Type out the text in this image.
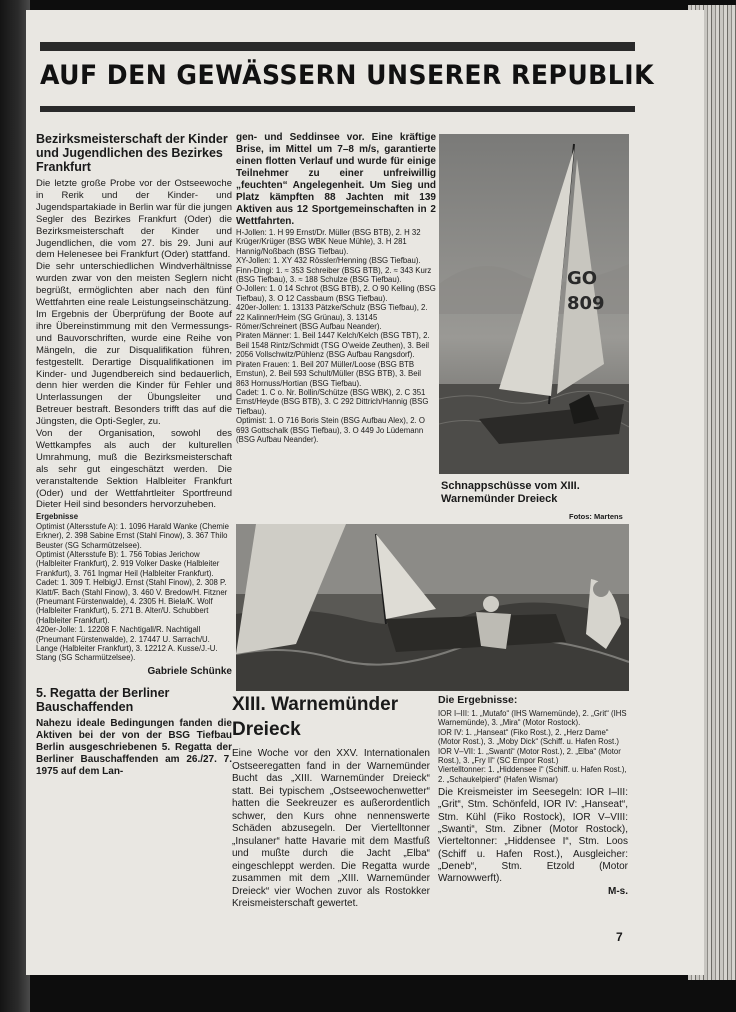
AUF DEN GEWÄSSERN UNSERER REPUBLIK
Bezirksmeisterschaft der Kinder und Jugendlichen des Bezirkes Frankfurt

Die letzte große Probe vor der Ostseewoche in Rerik und der Kinder- und Jugendspartakiade in Berlin war für die jungen Segler des Bezirkes Frankfurt (Oder) die Bezirksmeisterschaft der Kinder und Jugendlichen, die vom 27. bis 29. Juni auf dem Helenesee bei Frankfurt (Oder) stattfand.

Die sehr unterschiedlichen Windverhältnisse wurden zwar von den meisten Seglern nicht begrüßt, ermöglichten aber nach den fünf Wettfahrten eine reale Leistungseinschätzung.

Im Ergebnis der Überprüfung der Boote auf ihre Übereinstimmung mit den Vermessungs- und Bauvorschriften, wurde eine Reihe von Mängeln, die zur Disqualifikation führen, festgestellt. Derartige Disqualifikationen im Kinder- und Jugendbereich sind bedauerlich, denn hier werden die Kinder für Fehler und Unterlassungen der Übungsleiter und Betreuer bestraft. Besonders trifft das auf die Jüngsten, die Opti-Segler, zu.

Von der Organisation, sowohl des Wettkampfes als auch der kulturellen Umrahmung, muß die Bezirksmeisterschaft als sehr gut eingeschätzt werden. Die veranstaltende Sektion Halbleiter Frankfurt (Oder) und der Wettfahrtleiter Sportfreund Dieter Heil sind besonders hervorzuheben.

Ergebnisse

Optimist (Altersstufe A): 1. 1096 Harald Wanke (Chemie Erkner), 2. 398 Sabine Ernst (Stahl Finow), 3. 367 Thilo Beuster (SG Scharmützelsee).

Optimist (Altersstufe B): 1. 756 Tobias Jerichow (Halbleiter Frankfurt), 2. 919 Volker Daske (Halbleiter Frankfurt), 3. 761 Ingmar Heil (Halbleiter Frankfurt).

Cadet: 1. 309 T. Helbig/J. Ernst (Stahl Finow), 2. 308 P. Klatt/F. Bach (Stahl Finow), 3. 460 V. Bredow/H. Fitzner (Pneumant Fürstenwalde), 4. 2305 H. Biela/K. Wolf (Halbleiter Frankfurt), 5. 271 B. Alter/U. Schubbert (Halbleiter Frankfurt).

420er-Jolle: 1. 12208 F. Nachtigall/R. Nachtigall (Pneumant Fürstenwalde), 2. 17447 U. Sarrach/U. Lange (Halbleiter Frankfurt), 3. 12212 A. Kusse/J.-U. Stang (SG Scharmützelsee).

Gabriele Schünke

5. Regatta der Berliner Bauschaffenden

Nahezu ideale Bedingungen fanden die Aktiven bei der von der BSG Tiefbau Berlin ausgeschriebenen 5. Regatta der Berliner Bauschaffenden am 26./27. 7. 1975 auf dem Lan-

gen- und Seddinsee vor. Eine kräftige Brise, im Mittel um 7–8 m/s, garantierte einen flotten Verlauf und wurde für einige Teilnehmer zu einer unfreiwillig „feuchten“ Angelegenheit. Um Sieg und Platz kämpften 88 Jachten mit 139 Aktiven aus 12 Sportgemeinschaften in 2 Wettfahrten.

H-Jollen: 1. H 99 Ernst/Dr. Müller (BSG BTB), 2. H 32 Krüger/Krüger (BSG WBK Neue Mühle), 3. H 281 Hannig/Noßbach (BSG Tiefbau).

XY-Jollen: 1. XY 432 Rössler/Henning (BSG Tiefbau).

Finn-Dingi: 1. ≈ 353 Schreiber (BSG BTB), 2. ≈ 343 Kurz (BSG Tiefbau), 3. ≈ 188 Schulze (BSG Tiefbau).

O-Jollen: 1. 0 14 Schrot (BSG BTB), 2. O 90 Kelling (BSG Tiefbau), 3. O 12 Cassbaum (BSG Tiefbau).

420er-Jollen: 1. 13133 Pätzke/Schulz (BSG Tiefbau), 2. 22 Kalinner/Heim (SG Grünau), 3. 13145 Römer/Schreinert (BSG Aufbau Neander).

Piraten Männer: 1. Beil 1447 Kelch/Kelch (BSG TBT), 2. Beil 1548 Rintz/Schmidt (TSG O'weide Zeuthen), 3. Beil 2056 Vollschwitz/Pühlenz (BSG Aufbau Rangsdorf).

Piraten Frauen: 1. Beil 207 Müller/Loose (BSG BTB Ernstun), 2. Beil 593 Schult/Müller (BSG BTB), 3. Beil 863 Hornuss/Hortian (BSG Tiefbau).

Cadet: 1. C o. Nr. Bollin/Schütze (BSG WBK), 2. C 351 Ernst/Heyde (BSG BTB), 3. C 292 Dittrich/Hannig (BSG Tiefbau).

Optimist: 1. O 716 Boris Stein (BSG Aufbau Alex), 2. O 693 Gottschalk (BSG Tiefbau), 3. O 449 Jo Lüdemann (BSG Aufbau Neander).

GO
809
Schnappschüsse vom XIII. Warnemünder Dreieck
Fotos: Martens
XIII. Warnemünder Dreieck

Eine Woche vor den XXV. Internationalen Ostseeregatten fand in der Warnemünder Bucht das „XIII. Warnemünder Dreieck“ statt. Bei typischem „Ostseewochenwetter“ hatten die Seekreuzer es außerordentlich schwer, den Kurs ohne nennenswerte Schäden abzusegeln. Der Viertelltonner „Insulaner“ hatte Havarie mit dem Mastfuß und mußte durch die Jacht „Elba“ eingeschleppt werden. Die Regatta wurde zusammen mit dem „XIII. Warnemünder Dreieck“ vier Wochen zuvor als Rostokker Kreismeisterschaft gewertet.

Die Ergebnisse:

IOR I–III: 1. „Mutafo“ (IHS Warnemünde), 2. „Grit“ (IHS Warnemünde), 3. „Mira“ (Motor Rostock).

IOR IV: 1. „Hanseat“ (Fiko Rost.), 2. „Herz Dame“ (Motor Rost.), 3. „Moby Dick“ (Schiff. u. Hafen Rost.)

IOR V–VII: 1. „Swanti“ (Motor Rost.), 2. „Elba“ (Motor Rost.), 3. „Fry II“ (SC Empor Rost.)

Viertelltonner: 1. „Hiddensee I“ (Schiff. u. Hafen Rost.), 2. „Schaukelpierd“ (Hafen Wismar)

Die Kreismeister im Seesegeln: IOR I–III: „Grit“, Stm. Schönfeld, IOR IV: „Hanseat“, Stm. Kühl (Fiko Rostock), IOR V–VIII: „Swanti“, Stm. Zibner (Motor Rostock), Vierteltonner: „Hiddensee I“, Stm. Loos (Schiff u. Hafen Rost.), Ausgleicher: „Deneb“, Stm. Etzold (Motor Warnowwerft).

M-s.

7
